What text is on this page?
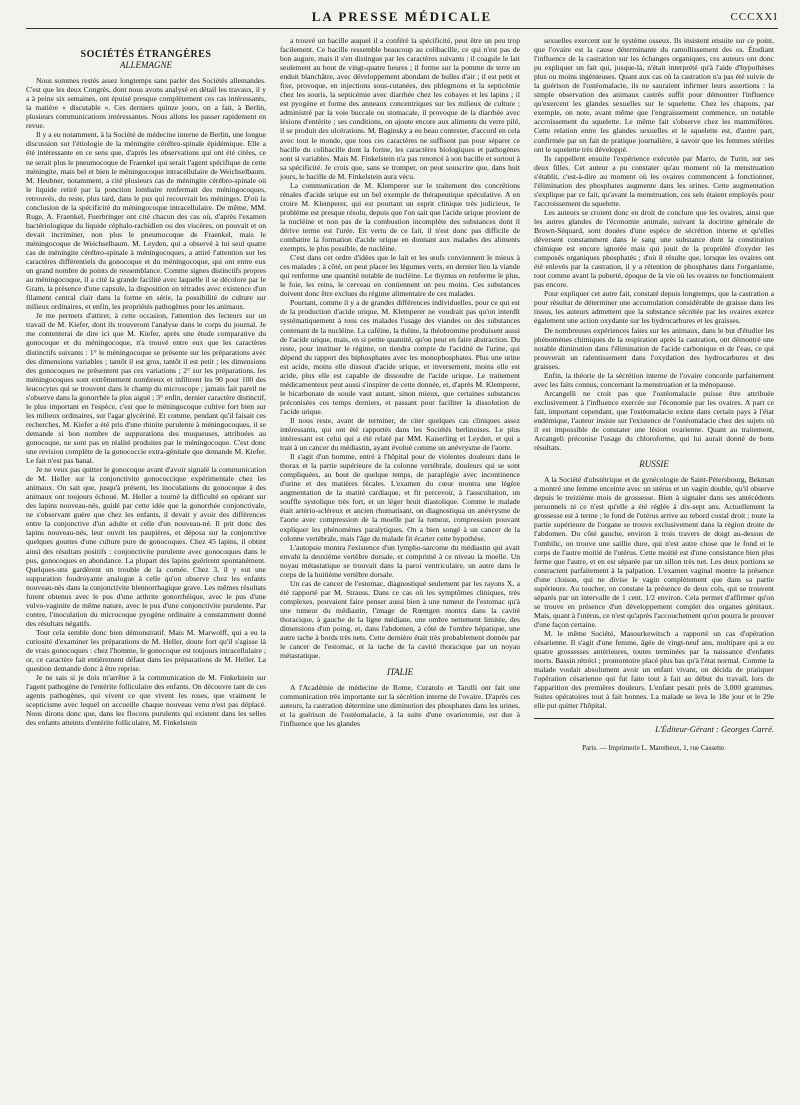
LA PRESSE MÉDICALE	CCCXXI
SOCIÉTÉS ÉTRANGÈRES
ALLEMAGNE

Nous sommes restés assez longtemps sans parler des Sociétés allemandes. C'est que les deux Congrès, dont nous avons analysé en détail les travaux, il y a à peine six semaines, ont épuisé presque complètement ces cas intéressants, la matière « discutable ». Ces derniers quinze jours, on a fait, à Berlin, plusieurs communications intéressantes. Nous allons les passer rapidement en revue.

Il y a eu notamment, à la Société de médecine interne de Berlin, une longue discussion sur l'étiologie de la méningite cérébro-spinale épidémique. Elle a été intéressante en ce sens que, d'après les observations qui ont été citées, ce ne serait plus le pneumocoque de Fraenkel qui serait l'agent spécifique de cette méningite, mais bel et bien le méningocoque intracellulaire de Weichselbaum. M. Heubner, notamment, a cité plusieurs cas de méningite cérébro-spinale où le liquide retiré par la ponction lombaire renfermait des méningocoques, retrouvés, du reste, plus tard, dans le pus qui recouvrait les méninges. D'où la conclusion de la spécificité du méningocoque intracellulaire. De même, MM. Ruge, A. Fraenkel, Fuerbringer ont cité chacun des cas où, d'après l'examen bactériologique du liquide céphalo-rachidien ou des viscères, on pouvait et on devait incriminer, non plus le pneumocoque de Fraenkel, mais le méningocoque de Weichselbaum. M. Leyden, qui a observé à lui seul quatre cas de méningite cérébro-spinale à méningocoques, a attiré l'attention sur les caractères différentiels du gonocoque et du méningocoque, qui ont entre eux un grand nombre de points de ressemblance. Comme signes distinctifs propres au méningocoque, il a cité la grande facilité avec laquelle il se décolore par le Gram, la présence d'une capsule, la disposition en tétrades avec existence d'un filament central clair dans la forme en série, la possibilité de culture sur milieux ordinaires, et enfin, les propriétés pathogènes pour les animaux.

Je me permets d'attirer, à cette occasion, l'attention des lecteurs sur un travail de M. Kiefer, dont ils trouveront l'analyse dans le corps du journal. Je me contenterai de dire ici que M. Kiefer, après une étude comparative du gonocoque et du méningocoque, n'a trouvé entre eux que les caractères distinctifs suivants : 1° le méningocoque se présente sur les préparations avec des dimensions variables ; tantôt il est gros, tantôt il est petit ; les dimensions des gonocoques ne présentent pas ces variations ; 2° sur les préparations, les méningocoques sont extrêmement nombreux et infiltrent les 90 pour 100 des leucocytes qui se trouvent dans le champ du microscope ; jamais fait pareil ne s'observe dans la gonorrhée la plus aiguë ; 3° enfin, dernier caractère distinctif, le plus important en l'espèce, c'est que le méningocoque cultive fort bien sur les milieux ordinaires, sur l'agar glycériné. Et comme, pendant qu'il faisait ces recherches, M. Kiefer a été pris d'une rhinite purulente à méningocoques, il se demande si bon nombre de suppurations des muqueuses, attribuées au gonocoque, ne sont pas en réalité produites par le méningocoque. C'est donc une revision complète de la gonococcie extra-génitale que demande M. Kiefer. Le fait n'est pas banal.

Je ne veux pas quitter le gonocoque avant d'avoir signalé la communication de M. Heller sur la conjonctivite gonococcique expérimentale chez les animaux. On sait que, jusqu'à présent, les inoculations du gonocoque à des animaux ont toujours échoué. M. Heller a tourné la difficulté en opérant sur des lapins nouveau-nés, guidé par cette idée que la gonorrhée conjonctivale, ne s'observant guère que chez les enfants, il devait y avoir des différences entre la conjonctive d'un adulte et celle d'un nouveau-né. Il prit donc des lapins nouveau-nés, leur ouvrit les paupières, et déposa sur la conjonctive quelques gouttes d'une culture pure de gonocoques. Chez 45 lapins, il obtint ainsi des résultats positifs : conjonctivite purulente avec gonocoques dans le pus, gonocoques en abondance. La plupart des lapins guérirent spontanément. Quelques-uns gardèrent un trouble de la cornée. Chez 3, il y eut une suppuration foudroyante analogue à celle qu'on observe chez les enfants nouveau-nés dans la conjonctivite blennorrhagique grave. Les mêmes résultats furent obtenus avec le pus d'une arthrite gonorrhéique, avec le pus d'une vulvo-vaginite de même nature, avec le pus d'une conjonctivite purulente. Par contre, l'inoculation du microcoque pyogène ordinaire a constamment donné des résultats négatifs.

Tout cela semble donc bien démonstratif. Mais M. Marwolff, qui a eu la curiosité d'examiner les préparations de M. Heller, doute fort qu'il s'agisse là de vrais gonocoques : chez l'homme, le gonocoque est toujours intracellulaire ; or, ce caractère fait entièrement défaut dans les préparations de M. Heller. La question demande donc à être reprise.

Je ne sais si je dois m'arrêter à la communication de M. Finkelstein sur l'agent pathogène de l'entérite folliculaire des enfants. On découvre tant de ces agents pathogènes, qui vivent ce que vivent les roses, que vraiment le scepticisme avec lequel on accueille chaque nouveau venu n'est pas déplacé. Nous dirons donc que, dans les flocons purulents qui existent dans les selles des enfants atteints d'entérite folliculaire, M. Finkelstein

a trouvé un bacille auquel il a conféré la spécificité, peut être un peu trop facilement. Ce bacille ressemble beaucoup au colibacille, ce qui n'est pas de bon augure, mais il s'en distingue par les caractères suivants : il coagule le lait seulement au bout de vingt-quatre heures ; il forme sur la pomme de terre un enduit blanchâtre, avec développement abondant de bulles d'air ; il est petit et fixe, provoque, en injections sous-cutanées, des phlegmons et la septicémie chez les souris, la septicémie avec diarrhée chez les cobayes et les lapins ; il est pyogène et forme des anneaux concentriques sur les milieux de culture ; administré par la voie buccale ou stomacale, il provoque de la diarrhée avec lésions d'entérite ; ses conditions, on ajoute encore aux aliments du verre pilé, il se produit des ulcérations. M. Baginsky a eu beau contester, d'accord en cela avec tout le monde, que tous ces caractères ne suffisent pas pour séparer ce bacille du colibacille dont la forme, les caractères biologiques et pathogènes sont si variables. Mais M. Finkelstein n'a pas renoncé à son bacille et surtout à sa spécificité. Je crois que, sans se tromper, on peut souscrire que, dans huit jours, le bacille de M. Finkelstein aura vécu.

La communication de M. Klemperer sur le traitement des concrétions rénales d'acide urique est un bel exemple de thérapeutique spéculative. A en croire M. Klemperer, qui est pourtant un esprit clinique très judicieux, le problème est presque résolu, depuis que l'on sait que l'acide urique provient de la nucléine et non pas de la combustion incomplète des substances dont il dérive terme est l'urée. En vertu de ce fait, il n'est donc pas difficile de combattre la formation d'acide urique en donnant aux malades des aliments exempts, le plus possible, de nucléine.

C'est dans cet ordre d'idées que le lait et les œufs conviennent le mieux à ces malades ; à côté, on peut placer les légumes verts, en dernier lieu la viande qui renferme une quantité notable de nucléine. Le thymus en renferme le plus, le foie, les reins, le cerveau en contiennent un peu moins. Ces substances doivent donc être exclues du régime alimentaire de ces malades.

Pourtant, comme il y a de grandes différences individuelles, pour ce qui est de la production d'acide urique, M. Klemperer ne voudrait pas qu'on interdît systématiquement à tous ces malades l'usage des viandes ou des substances contenant de la nucléine. La caféine, la théine, la théobromine produisent aussi de l'acide urique, mais, en si petite quantité, qu'on peut en faire abstraction. Du reste, pour instituer le régime, on tiendra compte de l'acidité de l'urine, qui dépend du rapport des biphosphates avec les monophosphates. Plus une urine est acide, moins elle dissout d'acide urique, et inversement, moins elle est acide, plus elle est capable de dissoudre de l'acide urique. Le traitement médicamenteux peut aussi s'inspirer de cette donnée, et, d'après M. Klemperer, le bicarbonate de soude vaut autant, sinon mieux, que certaines substances préconisées ces temps derniers, et passant pour faciliter la dissolution de l'acide urique.

Il nous reste, avant de terminer, de citer quelques cas cliniques assez intéressants, qui ont été rapportés dans les Sociétés berlinoises. Le plus intéressant est celui qui a été relaté par MM. Kaiserling et Leyden, et qui a trait à un cancer du médiastin, ayant évolué comme un anévrysme de l'aorte.

Il s'agit d'un homme, entré à l'hôpital pour de violentes douleurs dans le thorax et la partie supérieure de la colonne vertébrale, douleurs qui se sont compliquées, au bout de quelque temps, de paraplégie avec incontinence d'urine et des matières fécales. L'examen du cœur montra une légère augmentation de la matité cardiaque, et fit percevoir, à l'auscultation, un souffle systolique très fort, et un léger bruit diastolique. Comme le malade était artério-scléreux et ancien rhumatisant, on diagnostiqua un anévrysme de l'aorte avec compression de la moelle par la tumeur, compression pouvant expliquer les phénomènes paralytiques. On a bien songé à un cancer de la colonne vertébrale, mais l'âge du malade fit écarter cette hypothèse.

L'autopsie montra l'existence d'un lympho-sarcome du médiastin qui avait envahi la deuxième vertèbre dorsale, et comprimé à ce niveau la moelle. Un noyau métastatique se trouvait dans la paroi ventriculaire, un autre dans le corps de la huitième vertèbre dorsale.

Un cas de cancer de l'estomac, diagnostiqué seulement par les rayons X, a été rapporté par M. Strauss. Dans ce cas où les symptômes cliniques, très complexes, pouvaient faire penser aussi bien à une tumeur de l'estomac qu'à une tumeur du médiastin, l'image de Rœntgen montra dans la cavité thoracique, à gauche de la ligne médiane, une ombre nettement limitée, des dimensions d'un poing, et, dans l'abdomen, à côté de l'ombre hépatique, une autre tache à bords très nets. Cette dernière était très probablement donnée par le cancer de l'estomac, et la tache de la cavité thoracique par un noyau métastatique.

ITALIE

A l'Académie de médecine de Rome, Curatolo et Tarulli ont fait une communication très importante sur la sécrétion interne de l'ovaire. D'après ces auteurs, la castration détermine une diminution des phosphates dans les urines, et la guérison de l'ostéomalacie, à la suite d'une ovariotomie, est due à l'influence que les glandes

sexuelles exercent sur le système osseux. Ils insistent ensuite sur ce point, que l'ovaire est la cause déterminante du ramollissement des os. Étudiant l'influence de la castration sur les échanges organiques, ces auteurs ont donc pu expliquer un fait qui, jusque-là, n'était interprété qu'à l'aide d'hypothèses plus ou moins ingénieuses. Quant aux cas où la castration n'a pas été suivie de la guérison de l'ostéomalacie, ils ne sauraient infirmer leurs assertions : la simple observation des animaux castrés suffit pour démontrer l'influence qu'exercent les glandes sexuelles sur le squelette. Chez les chapons, par exemple, on note, avant même que l'engraissement commence, un notable accroissement du squelette. Le même fait s'observe chez les mammifères. Cette relation entre les glandes sexuelles et le squelette est, d'autre part, confirmée par un fait de pratique journalière, à savoir que les femmes stériles ont le squelette très développé.

Ils rappellent ensuite l'expérience exécutée par Marro, de Turin, sur ses deux filles. Cet auteur a pu constater qu'au moment où la menstruation s'établit, c'est-à-dire au moment où les ovaires commencent à fonctionner, l'élimination des phosphates augmente dans les urines. Cette augmentation s'explique par ce fait, qu'avant la menstruation, ces sels étaient employés pour l'accroissement du squelette.

Les auteurs se croient donc en droit de conclure que les ovaires, ainsi que les autres glandes de l'économie animale, suivant la doctrine générale de Brown-Séquard, sont douées d'une espèce de sécrétion interne et qu'elles déversent constamment dans le sang une substance dont la constitution chimique est encore ignorée mais qui jouit de la propriété d'oxyder les composés organiques phosphatés ; d'où il résulte que, lorsque les ovaires ont été enlevés par la castration, il y a rétention de phosphates dans l'organisme, tout comme avant la puberté, époque de la vie où les ovaires ne fonctionnaient pas encore.

Pour expliquer cet autre fait, constaté depuis longtemps, que la castration a pour résultat de déterminer une accumulation considérable de graisse dans les tissus, les auteurs admettent que la substance sécrétée par les ovaires exerce également une action oxydante sur les hydrocarbures et les graisses.

De nombreuses expériences faites sur les animaux, dans le but d'étudier les phénomènes chimiques de la respiration après la castration, ont démontré une notable diminution dans l'élimination de l'acide carbonique et de l'eau, ce qui prouverait un ralentissement dans l'oxydation des hydrocarbures et des graisses.

Enfin, la théorie de la sécrétion interne de l'ovaire concorde parfaitement avec les faits connus, concernant la menstruation et la ménopause.

Arcangelli ne croit pas que l'ostéomalacie puisse être attribuée exclusivement à l'influence exercée sur l'économie par les ovaires. A part ce fait, important cependant, que l'ostéomalacie existe dans certain pays à l'état endémique, l'auteur insiste sur l'existence de l'ostéomalacie chez des sujets où il est impossible de constater une lésion ovarienne. Quant au traitement, Arcangeli préconise l'usage du chloroforme, qui lui aurait donné de bons résultats.

RUSSIE

A la Société d'obstétrique et de gynécologie de Saint-Pétersbourg, Bekman a montré une femme enceinte avec un utérus et un vagin double, qu'il observe depuis le treizième mois de grossesse. Bien à signaler dans ses antécédents personnels ni ce n'est qu'elle a été réglée à dix-sept ans. Actuellement la grossesse est à terme ; le fond de l'utérus arrive au rebord costal droit ; toute la partie supérieure de l'organe se trouve exclusivement dans la région droite de l'abdomen. Du côté gauche, environ à trois travers de doigt au-dessus de l'ombilic, on trouve une saillie dure, qui n'est autre chose que le fond et le corps de l'autre moitié de l'utérus. Cette moitié est d'une consistance bien plus ferme que l'autre, et en est séparée par un sillon très net. Les deux portions se contractent parfaitement à la palpation. L'examen vaginal montre la présence d'une cloison, qui ne divise le vagin complètement que dans sa partie supérieure. Au toucher, on constate la présence de deux cols, qui se trouvent séparés par un intervalle de 1 cent. 1/2 environ. Cela permet d'affirmer qu'on se trouve en présence d'un développement complet des organes génitaux. Mais, quant à l'utérus, ce n'est qu'après l'accouchement qu'on pourra le prouver d'une façon certaine.

M. le même Société, Masourkewitsch a rapporté un cas d'opération césarienne. Il s'agit d'une femme, âgée de vingt-neuf ans, multipare qui a eu quatre grossesses antérieures, toutes terminées par la naissance d'enfants morts. Bassin rétréci ; promontoire placé plus bas qu'à l'état normal. Comme la malade voulait absolument avoir un enfant vivant, on décida de pratiquer l'opération césarienne qui fut faite tout à fait au début du travail, lors de l'apparition des premières douleurs. L'enfant pesait près de 3,000 grammes. Suites opératoires tout à fait bonnes. La malade se leva le 18e jour et le 29e elle put quitter l'hôpital.

L'Éditeur-Gérant : Georges Carré.
Paris. — Imprimerie L. Maretheux, 1, rue Cassette.
